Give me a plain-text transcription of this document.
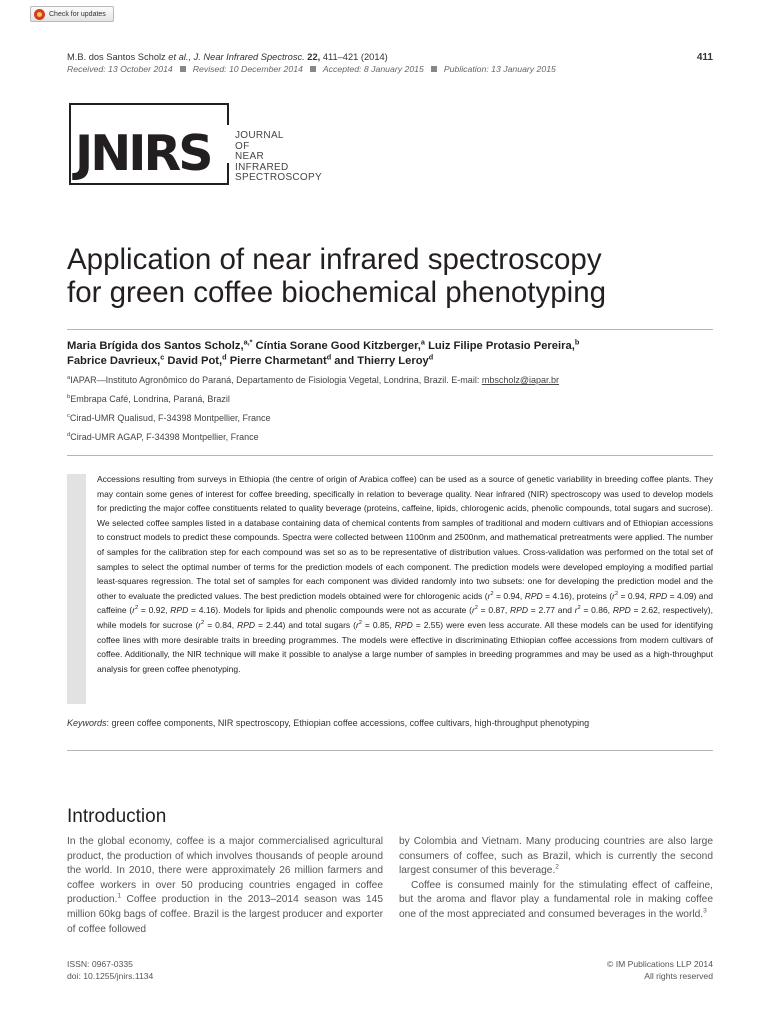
Check for updates
M.B. dos Santos Scholz et al., J. Near Infrared Spectrosc. 22, 411–421 (2014)	411
Received: 13 October 2014 Revised: 10 December 2014 Accepted: 8 January 2015 Publication: 13 January 2015
JNIRS JOURNAL
OF
NEAR
INFRARED
SPECTROSCOPY
Application of near infrared spectroscopy
for green coffee biochemical phenotyping
Maria Brígida dos Santos Scholz,$^{a,*}$ Cíntia Sorane Good Kitzberger,$^a$ Luiz Filipe Protasio Pereira,$^b$
Fabrice Davrieux,$^c$ David Pot,$^d$ Pierre Charmetant$^d$ and Thierry Leroy$^d$
$^a$IAPAR—Instituto Agronômico do Paraná, Departamento de Fisiologia Vegetal, Londrina, Brazil. E-mail: mbscholz@iapar.br
$^b$Embrapa Café, Londrina, Paraná, Brazil
$^c$Cirad-UMR Qualisud, F-34398 Montpellier, France
$^d$Cirad-UMR AGAP, F-34398 Montpellier, France
Accessions resulting from surveys in Ethiopia (the centre of origin of Arabica coffee) can be used as a source of genetic variability in breeding coffee plants. They may contain some genes of interest for coffee breeding, specifically in relation to beverage quality. Near infrared (NIR) spectroscopy was used to develop models for predicting the major coffee constituents related to quality beverage (proteins, caffeine, lipids, chlorogenic acids, phenolic compounds, total sugars and sucrose). We selected coffee samples listed in a database containing data of chemical contents from samples of traditional and modern cultivars and of Ethiopian accessions to construct models to predict these compounds. Spectra were collected between 1100nm and 2500nm, and mathematical pretreatments were applied. The number of samples for the calibration step for each compound was set so as to be representative of distribution values. Cross-validation was performed on the total set of samples to select the optimal number of terms for the prediction models of each component. The prediction models were developed employing a modified partial least-squares regression. The total set of samples for each component was divided randomly into two subsets: one for developing the prediction model and the other to evaluate the predicted values. The best prediction models obtained were for chlorogenic acids ($r^2 = 0.94$, RPD = 4.16), proteins ($r^2 = 0.94$, RPD = 4.09) and caffeine ($r^2 = 0.92$, RPD = 4.16). Models for lipids and phenolic compounds were not as accurate ($r^2 = 0.87$, RPD = 2.77 and $r^2 = 0.86$, RPD = 2.62, respectively), while models for sucrose ($r^2 = 0.84$, RPD = 2.44) and total sugars ($r^2 = 0.85$, RPD = 2.55) were even less accurate. All these models can be used for identifying coffee lines with more desirable traits in breeding programmes. The models were effective in discriminating Ethiopian coffee accessions from modern cultivars of coffee. Additionally, the NIR technique will make it possible to analyse a large number of samples in breeding programmes and may be used as a high-throughput analysis for green coffee phenotyping.
Keywords: green coffee components, NIR spectroscopy, Ethiopian coffee accessions, coffee cultivars, high-throughput phenotyping
Introduction
In the global economy, coffee is a major commercialised agricultural product, the production of which involves thousands of people around the world. In 2010, there were approximately 26 million farmers and coffee workers in over 50 producing countries engaged in coffee production.$^1$ Coffee production in the 2013–2014 season was 145 million 60kg bags of coffee. Brazil is the largest producer and exporter of coffee followed
by Colombia and Vietnam. Many producing countries are also large consumers of coffee, such as Brazil, which is currently the second largest consumer of this beverage.$^2$
Coffee is consumed mainly for the stimulating effect of caffeine, but the aroma and flavor play a fundamental role in making coffee one of the most appreciated and consumed beverages in the world.$^3$
ISSN: 0967-0335
doi: 10.1255/jnirs.1134
© IM Publications LLP 2014
All rights reserved
